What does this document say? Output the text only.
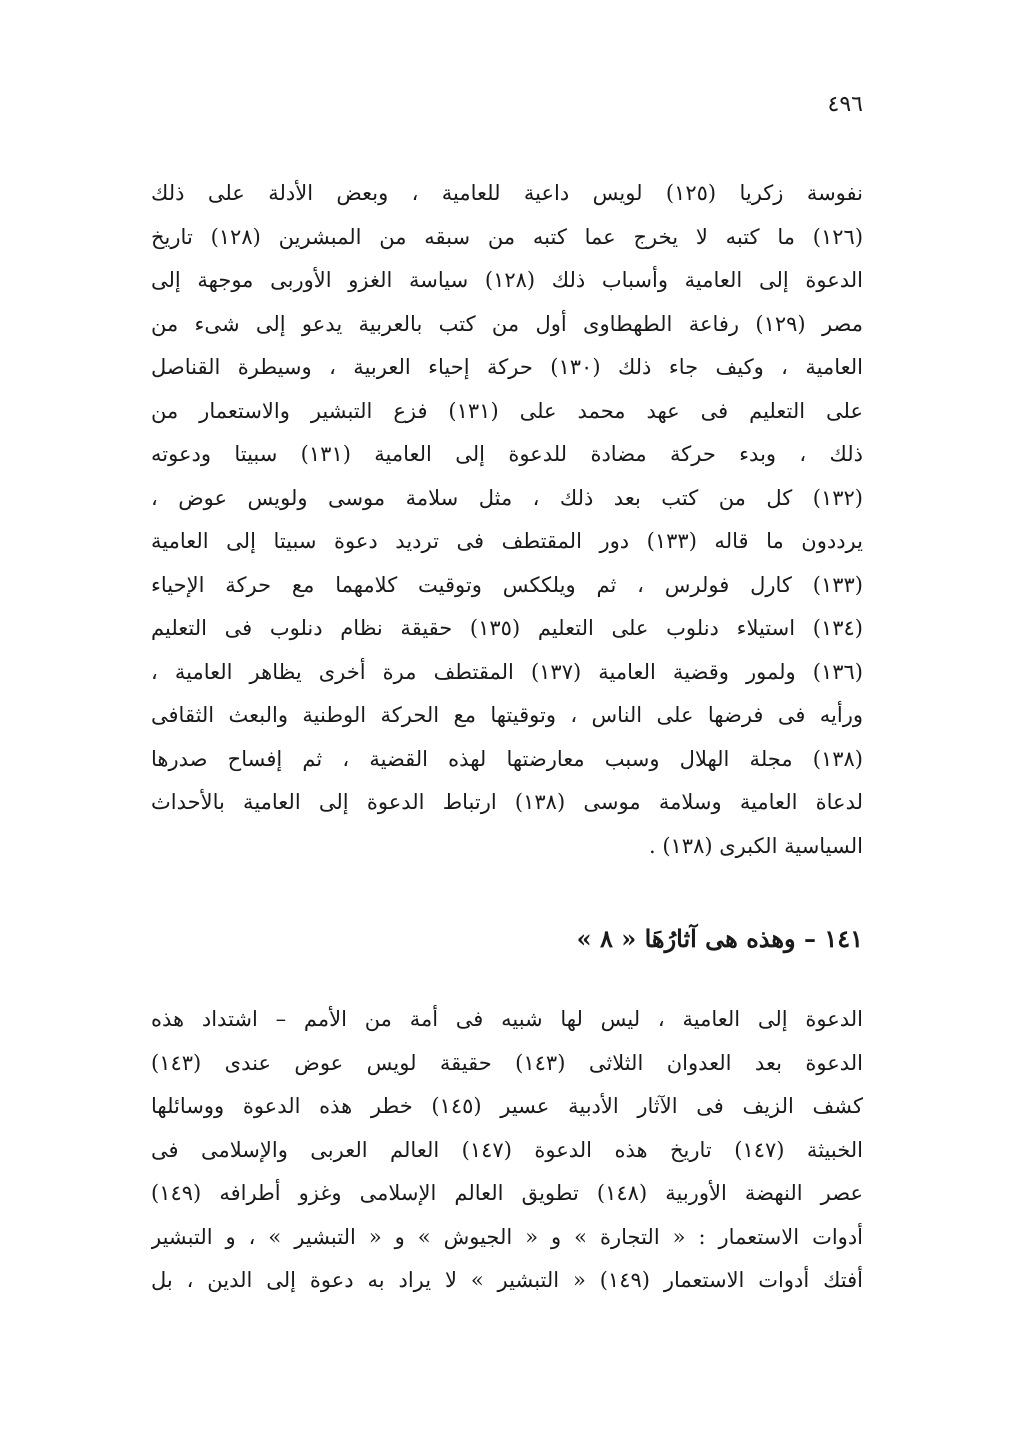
٤٩٦
نفوسة زكريا (١٢٥) لويس داعية للعامية ، وبعض الأدلة على ذلك
(١٢٦) ما كتبه لا يخرج عما كتبه من سبقه من المبشرين (١٢٨) تاريخ
الدعوة إلى العامية وأسباب ذلك (١٢٨) سياسة الغزو الأوربى موجهة إلى
مصر (١٢٩) رفاعة الطهطاوى أول من كتب بالعربية يدعو إلى شىء من
العامية ، وكيف جاء ذلك (١٣٠) حركة إحياء العربية ، وسيطرة القناصل
على التعليم فى عهد محمد على (١٣١) فزع التبشير والاستعمار من
ذلك ، وبدء حركة مضادة للدعوة إلى العامية (١٣١) سبيتا ودعوته
(١٣٢) كل من كتب بعد ذلك ، مثل سلامة موسى ولويس عوض ،
يرددون ما قاله (١٣٣) دور المقتطف فى ترديد دعوة سبيتا إلى العامية
(١٣٣) كارل فولرس ، ثم ويلككس وتوقيت كلامهما مع حركة الإحياء
(١٣٤) استيلاء دنلوب على التعليم (١٣٥) حقيقة نظام دنلوب فى التعليم
(١٣٦) ولمور وقضية العامية (١٣٧) المقتطف مرة أخرى يظاهر العامية ،
ورأيه فى فرضها على الناس ، وتوقيتها مع الحركة الوطنية والبعث الثقافى
(١٣٨) مجلة الهلال وسبب معارضتها لهذه القضية ، ثم إفساح صدرها
لدعاة العامية وسلامة موسى (١٣٨) ارتباط الدعوة إلى العامية بالأحداث
السياسية الكبرى (١٣٨) .
١٤١ – وهذه هى آثارُهَا « ٨ »
الدعوة إلى العامية ، ليس لها شبيه فى أمة من الأمم – اشتداد هذه
الدعوة بعد العدوان الثلاثى (١٤٣) حقيقة لويس عوض عندى (١٤٣)
كشف الزيف فى الآثار الأدبية عسير (١٤٥) خطر هذه الدعوة ووسائلها
الخبيثة (١٤٧) تاريخ هذه الدعوة (١٤٧) العالم العربى والإسلامى فى
عصر النهضة الأوربية (١٤٨) تطويق العالم الإسلامى وغزو أطرافه (١٤٩)
أدوات الاستعمار : « التجارة » و « الجيوش » و « التبشير » ، و التبشير
أفتك أدوات الاستعمار (١٤٩) « التبشير » لا يراد به دعوة إلى الدين ، بل
